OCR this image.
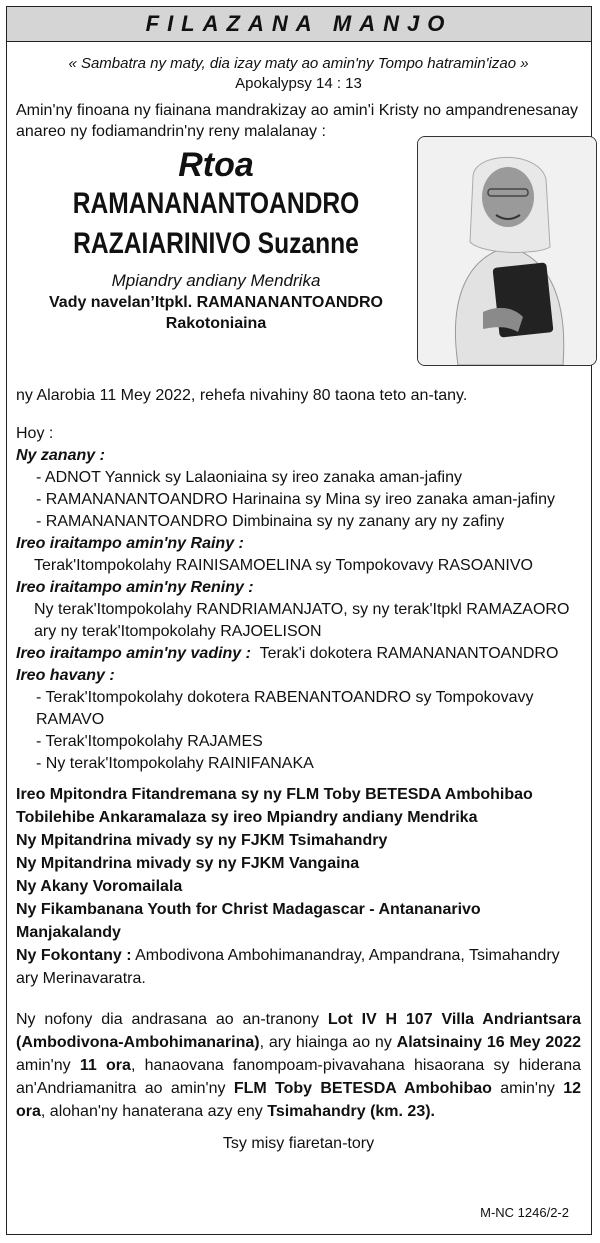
FILAZANA MANJO
« Sambatra ny maty, dia izay maty ao amin'ny Tompo hatramin'izao »
Apokalypsy 14 : 13
Amin'ny finoana ny fiainana mandrakizay ao amin'i Kristy no ampandrenesanay anareo ny fodiamandrin'ny reny malalanay :
Rtoa
RAMANANANTOANDRO
RAZAIARINIVO Suzanne
Mpiandry andiany Mendrika
Vady navelan’Itpkl. RAMANANANTOANDRO
Rakotoniaina
ny Alarobia 11 Mey 2022, rehefa nivahiny 80 taona teto an-tany.
Hoy :
Ny zanany :
- ADNOT Yannick sy Lalaoniaina sy ireo zanaka aman-jafiny
- RAMANANANTOANDRO Harinaina sy Mina sy ireo zanaka aman-jafiny
- RAMANANANTOANDRO Dimbinaina sy ny zanany ary ny zafiny
Ireo iraitampo amin'ny Rainy :
Terak'Itompokolahy RAINISAMOELINA sy Tompokovavy RASOANIVO
Ireo iraitampo amin'ny Reniny :
Ny terak'Itompokolahy RANDRIAMANJATO, sy ny terak'Itpkl RAMAZAORO
ary ny terak'Itompokolahy RAJOELISON
Ireo iraitampo amin'ny vadiny : Terak'i dokotera RAMANANANTOANDRO
Ireo havany :
- Terak'Itompokolahy dokotera RABENANTOANDRO sy Tompokovavy RAMAVO
- Terak'Itompokolahy RAJAMES
- Ny terak'Itompokolahy RAINIFANAKA
Ireo Mpitondra Fitandremana sy ny FLM Toby BETESDA Ambohibao
Tobilehibe Ankaramalaza sy ireo Mpiandry andiany Mendrika
Ny Mpitandrina mivady sy ny FJKM Tsimahandry
Ny Mpitandrina mivady sy ny FJKM Vangaina
Ny Akany Voromailala
Ny Fikambanana Youth for Christ Madagascar - Antananarivo
Manjakalandy
Ny Fokontany : Ambodivona Ambohimanandray, Ampandrana, Tsimahandry ary Merinavaratra.
Ny nofony dia andrasana ao an-tranony Lot IV H 107 Villa Andriantsara (Ambodivona-Ambohimanarina), ary hiainga ao ny Alatsinainy 16 Mey 2022 amin'ny 11 ora, hanaovana fanompoam-pivavahana hisaorana sy hiderana an'Andriamanitra ao amin'ny FLM Toby BETESDA Ambohibao amin'ny 12 ora, alohan'ny hanaterana azy eny Tsimahandry (km. 23).
Tsy misy fiaretan-tory
M-NC 1246/2-2
